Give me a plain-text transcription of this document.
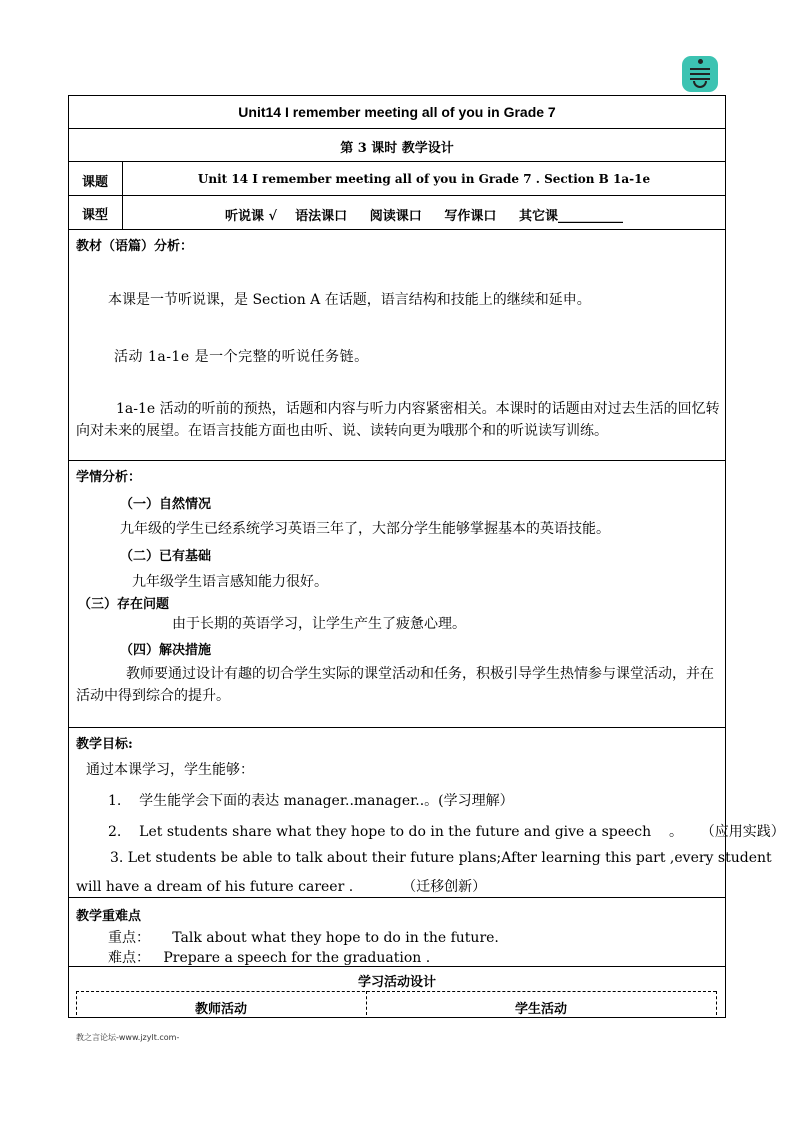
Unit14 I remember meeting all of you in Grade 7
第 3 课时 教学设计
课题	Unit 14 I remember meeting all of you in Grade 7 . Section B 1a-1e
课型	听说课 √    语法课口     阅读课口     写作课口     其它课__________
教材（语篇）分析：
本课是一节听说课，是 Section A 在话题，语言结构和技能上的继续和延申。
活动 1a-1e 是一个完整的听说任务链。
1a-1e 活动的听前的预热，话题和内容与听力内容紧密相关。本课时的话题由对过去生活的回忆转向对未来的展望。在语言技能方面也由听、说、读转向更为哦那个和的听说读写训练。
学情分析：
（一）自然情况
九年级的学生已经系统学习英语三年了，大部分学生能够掌握基本的英语技能。
（二）已有基础
九年级学生语言感知能力很好。
（三）存在问题
由于长期的英语学习，让学生产生了疲惫心理。
（四）解决措施
教师要通过设计有趣的切合学生实际的课堂活动和任务，积极引导学生热情参与课堂活动，并在活动中得到综合的提升。
教学目标:
通过本课学习，学生能够：
1.    学生能学会下面的表达 manager..manager..。(学习理解）
2.    Let students share what they hope to do in the future and give a speech    。    （应用实践）
3. Let students be able to talk about their future plans;After learning this part ,every student
will have a dream of his future career .           （迁移创新）
教学重难点
重点：     Talk about what they hope to do in the future.
难点：   Prepare a speech for the graduation .
学习活动设计
教师活动	学生活动
教之言论坛-www.jzylt.com-
